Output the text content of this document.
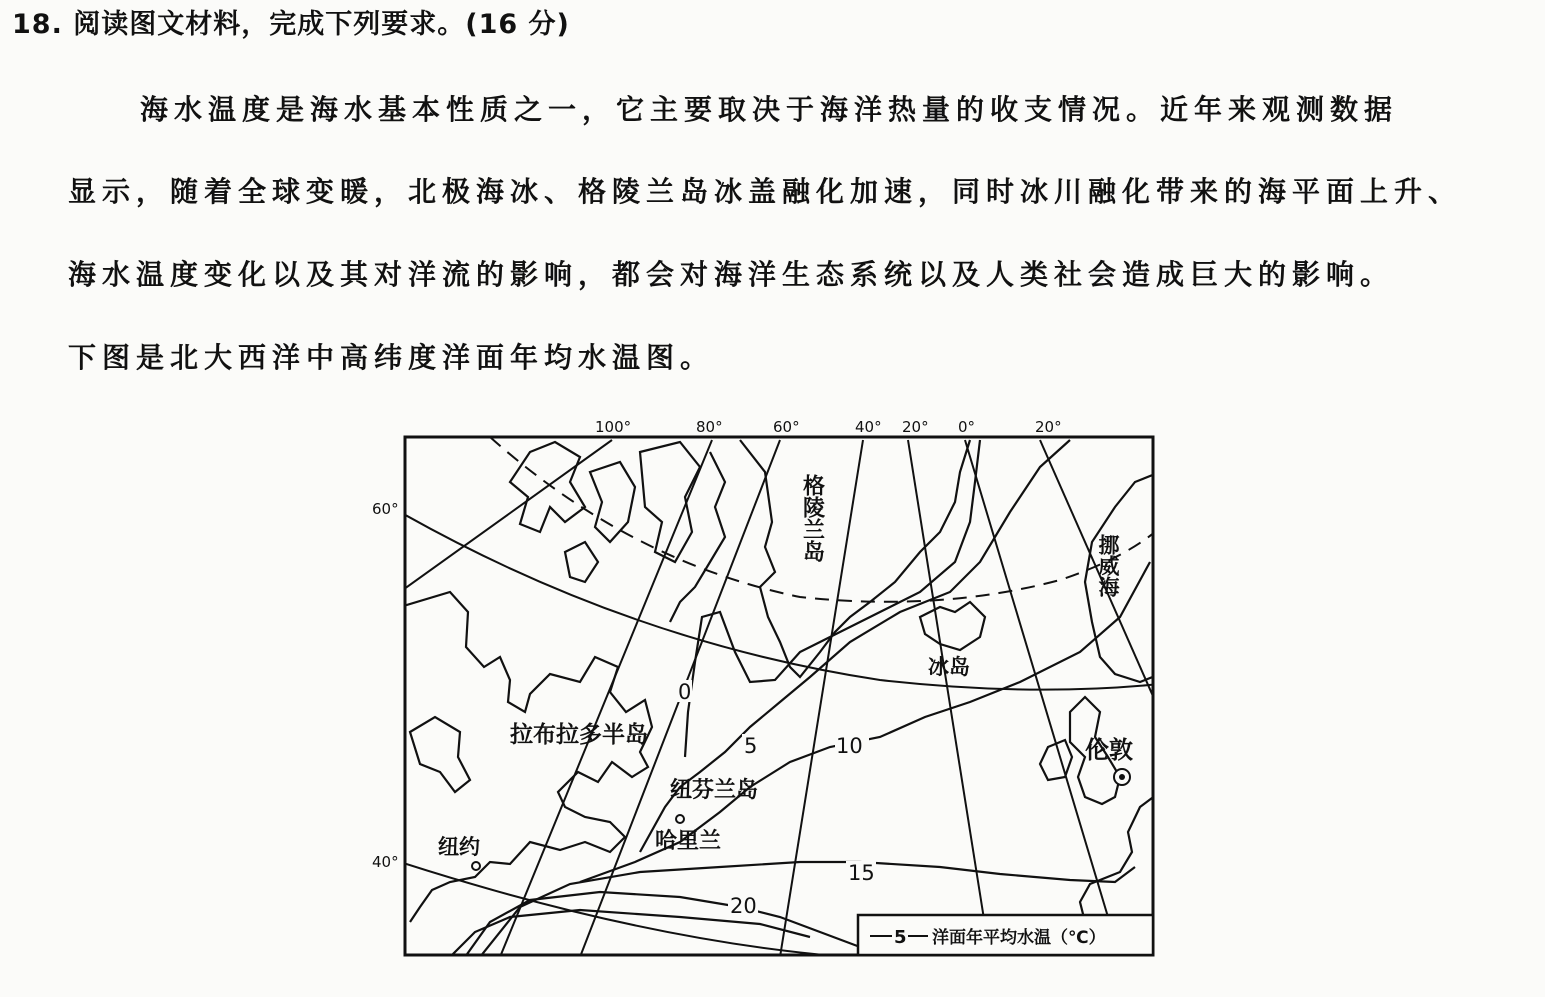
18. 阅读图文材料，完成下列要求。(16 分)
海水温度是海水基本性质之一，它主要取决于海洋热量的收支情况。近年来观测数据
显示，随着全球变暖，北极海冰、格陵兰岛冰盖融化加速，同时冰川融化带来的海平面上升、
海水温度变化以及其对洋流的影响，都会对海洋生态系统以及人类社会造成巨大的影响。
下图是北大西洋中高纬度洋面年均水温图。
100°	80°	60°	40° 20° 0°	20°
60°
40°
格陵兰岛
挪威海
冰岛
拉布拉多半岛
纽芬兰岛
哈里兰
纽约
伦敦
0
5	10
15
20
5 洋面年平均水温（℃）
